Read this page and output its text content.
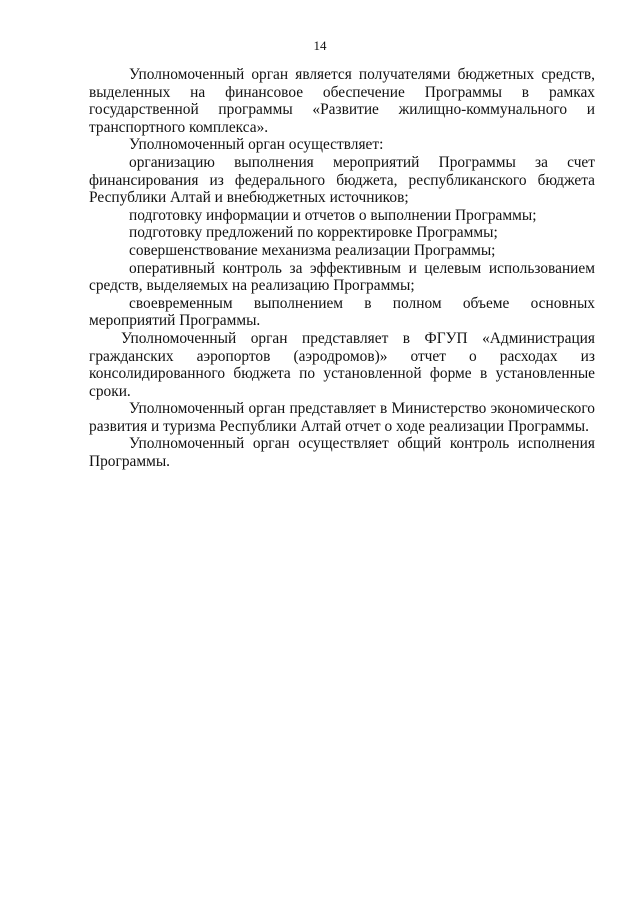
14

Уполномоченный орган является получателями бюджетных средств, выделенных на финансовое обеспечение Программы в рамках государственной программы «Развитие жилищно-коммунального и транспортного комплекса».

Уполномоченный орган осуществляет:

организацию выполнения мероприятий Программы за счет финансирования из федерального бюджета, республиканского бюджета Республики Алтай и внебюджетных источников;

подготовку информации и отчетов о выполнении Программы;

подготовку предложений по корректировке Программы;

совершенствование механизма реализации Программы;

оперативный контроль за эффективным и целевым использованием средств, выделяемых на реализацию Программы;

своевременным выполнением в полном объеме основных мероприятий Программы.

Уполномоченный орган представляет в ФГУП «Администрация гражданских аэропортов (аэродромов)» отчет о расходах из консолидированного бюджета по установленной форме в установленные сроки.

Уполномоченный орган представляет в Министерство экономического развития и туризма Республики Алтай отчет о ходе реализации Программы.

Уполномоченный орган осуществляет общий контроль исполнения Программы.
